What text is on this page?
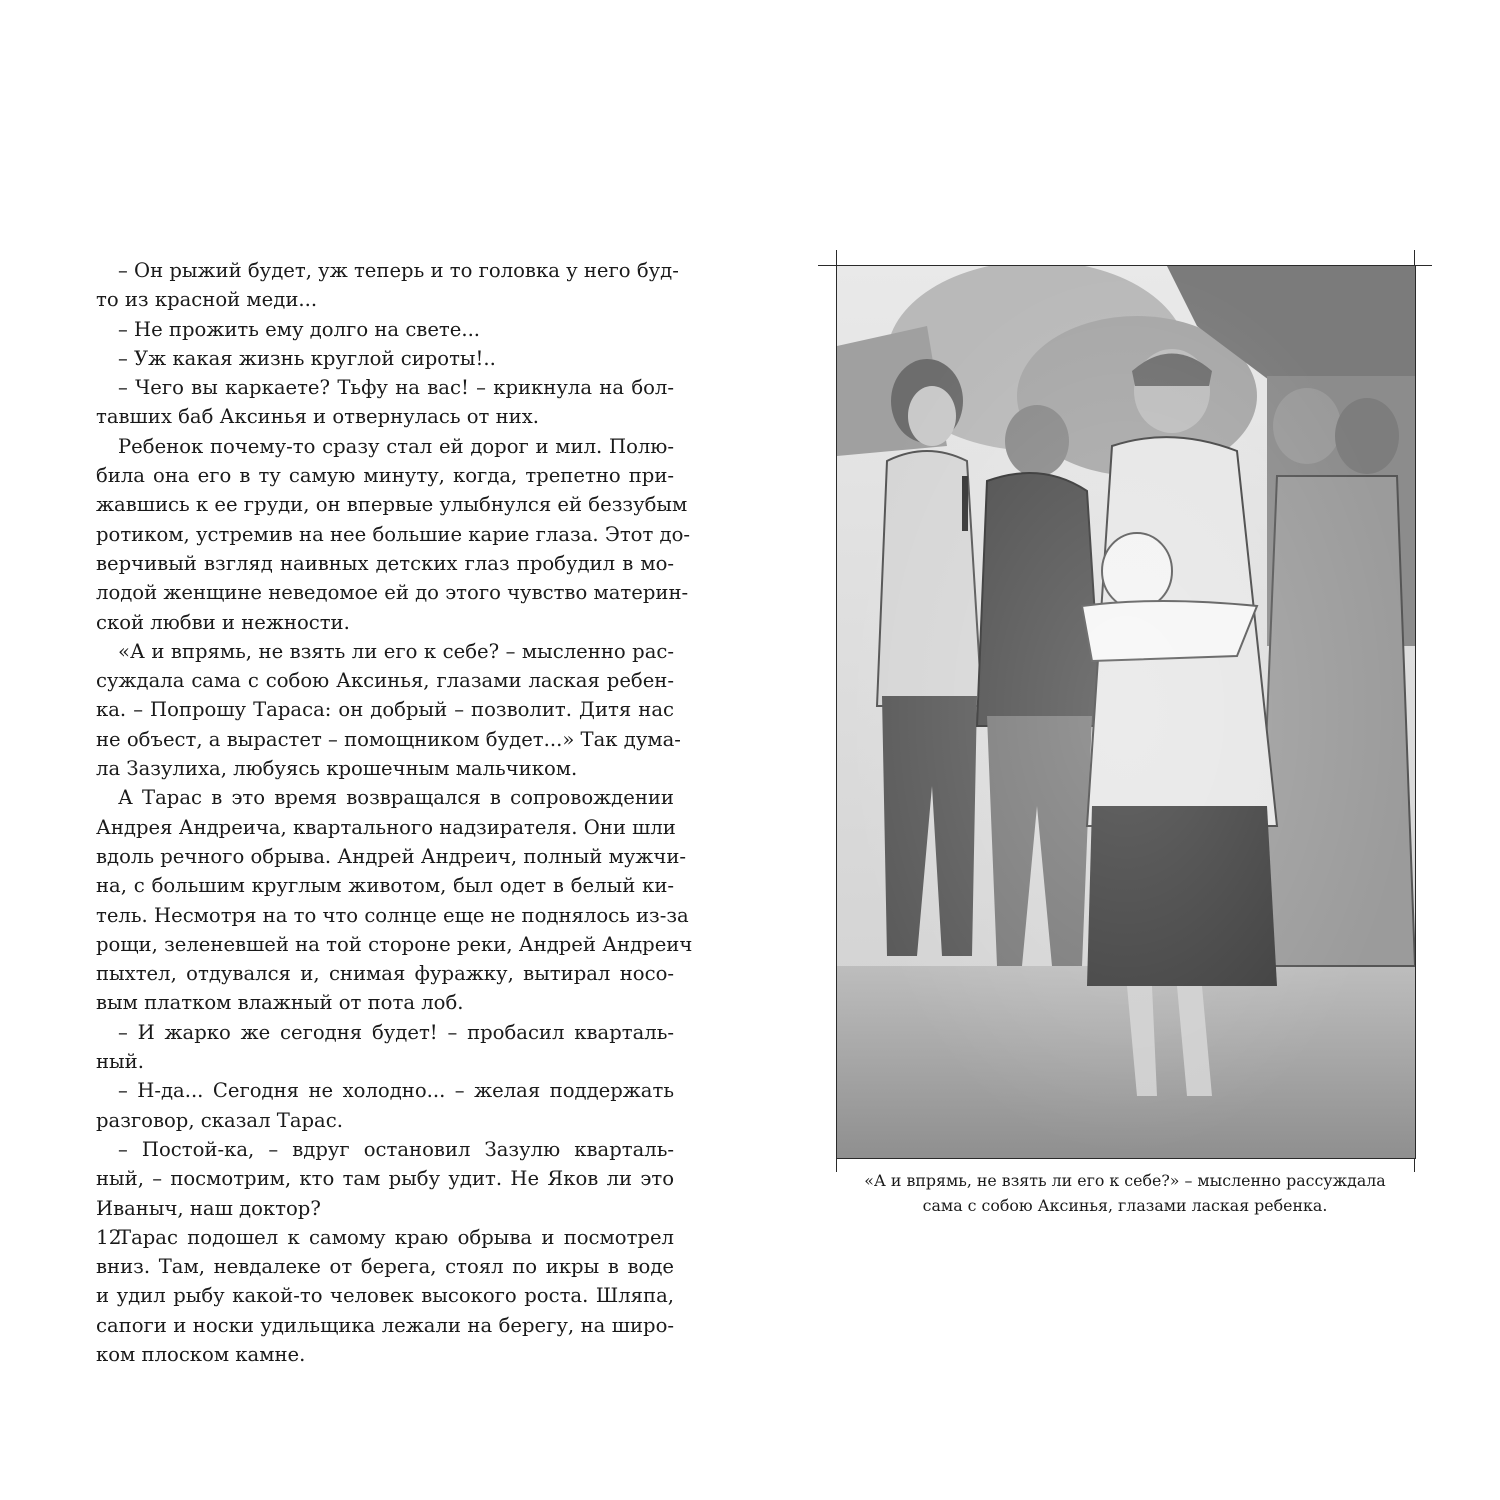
– Он рыжий будет, уж теперь и то головка у него буд-
то из красной меди...
– Не прожить ему долго на свете...
– Уж какая жизнь круглой сироты!..
– Чего вы каркаете? Тьфу на вас! – крикнула на бол-
тавших баб Аксинья и отвернулась от них.
Ребенок почему-то сразу стал ей дорог и мил. Полю-
била она его в ту самую минуту, когда, трепетно при-
жавшись к ее груди, он впервые улыбнулся ей беззубым
ротиком, устремив на нее большие карие глаза. Этот до-
верчивый взгляд наивных детских глаз пробудил в мо-
лодой женщине неведомое ей до этого чувство материн-
ской любви и нежности.
«А и впрямь, не взять ли его к себе? – мысленно рас-
суждала сама с собою Аксинья, глазами лаская ребен-
ка. – Попрошу Тараса: он добрый – позволит. Дитя нас
не объест, а вырастет – помощником будет...» Так дума-
ла Зазулиха, любуясь крошечным мальчиком.
А Тарас в это время возвращался в сопровождении
Андрея Андреича, квартального надзирателя. Они шли
вдоль речного обрыва. Андрей Андреич, полный мужчи-
на, с большим круглым животом, был одет в белый ки-
тель. Несмотря на то что солнце еще не поднялось из-за
рощи, зеленевшей на той стороне реки, Андрей Андреич
пыхтел, отдувался и, снимая фуражку, вытирал носо-
вым платком влажный от пота лоб.
– И жарко же сегодня будет! – пробасил кварталь-
ный.
– Н-да... Сегодня не холодно... – желая поддержать
разговор, сказал Тарас.
– Постой-ка, – вдруг остановил Зазулю кварталь-
ный, – посмотрим, кто там рыбу удит. Не Яков ли это
Иваныч, наш доктор?
Тарас подошел к самому краю обрыва и посмотрел
вниз. Там, невдалеке от берега, стоял по икры в воде
и удил рыбу какой-то человек высокого роста. Шляпа,
сапоги и носки удильщика лежали на берегу, на широ-
ком плоском камне.
12
«А и впрямь, не взять ли его к себе?» – мысленно рассуждала
сама с собою Аксинья, глазами лаская ребенка.
